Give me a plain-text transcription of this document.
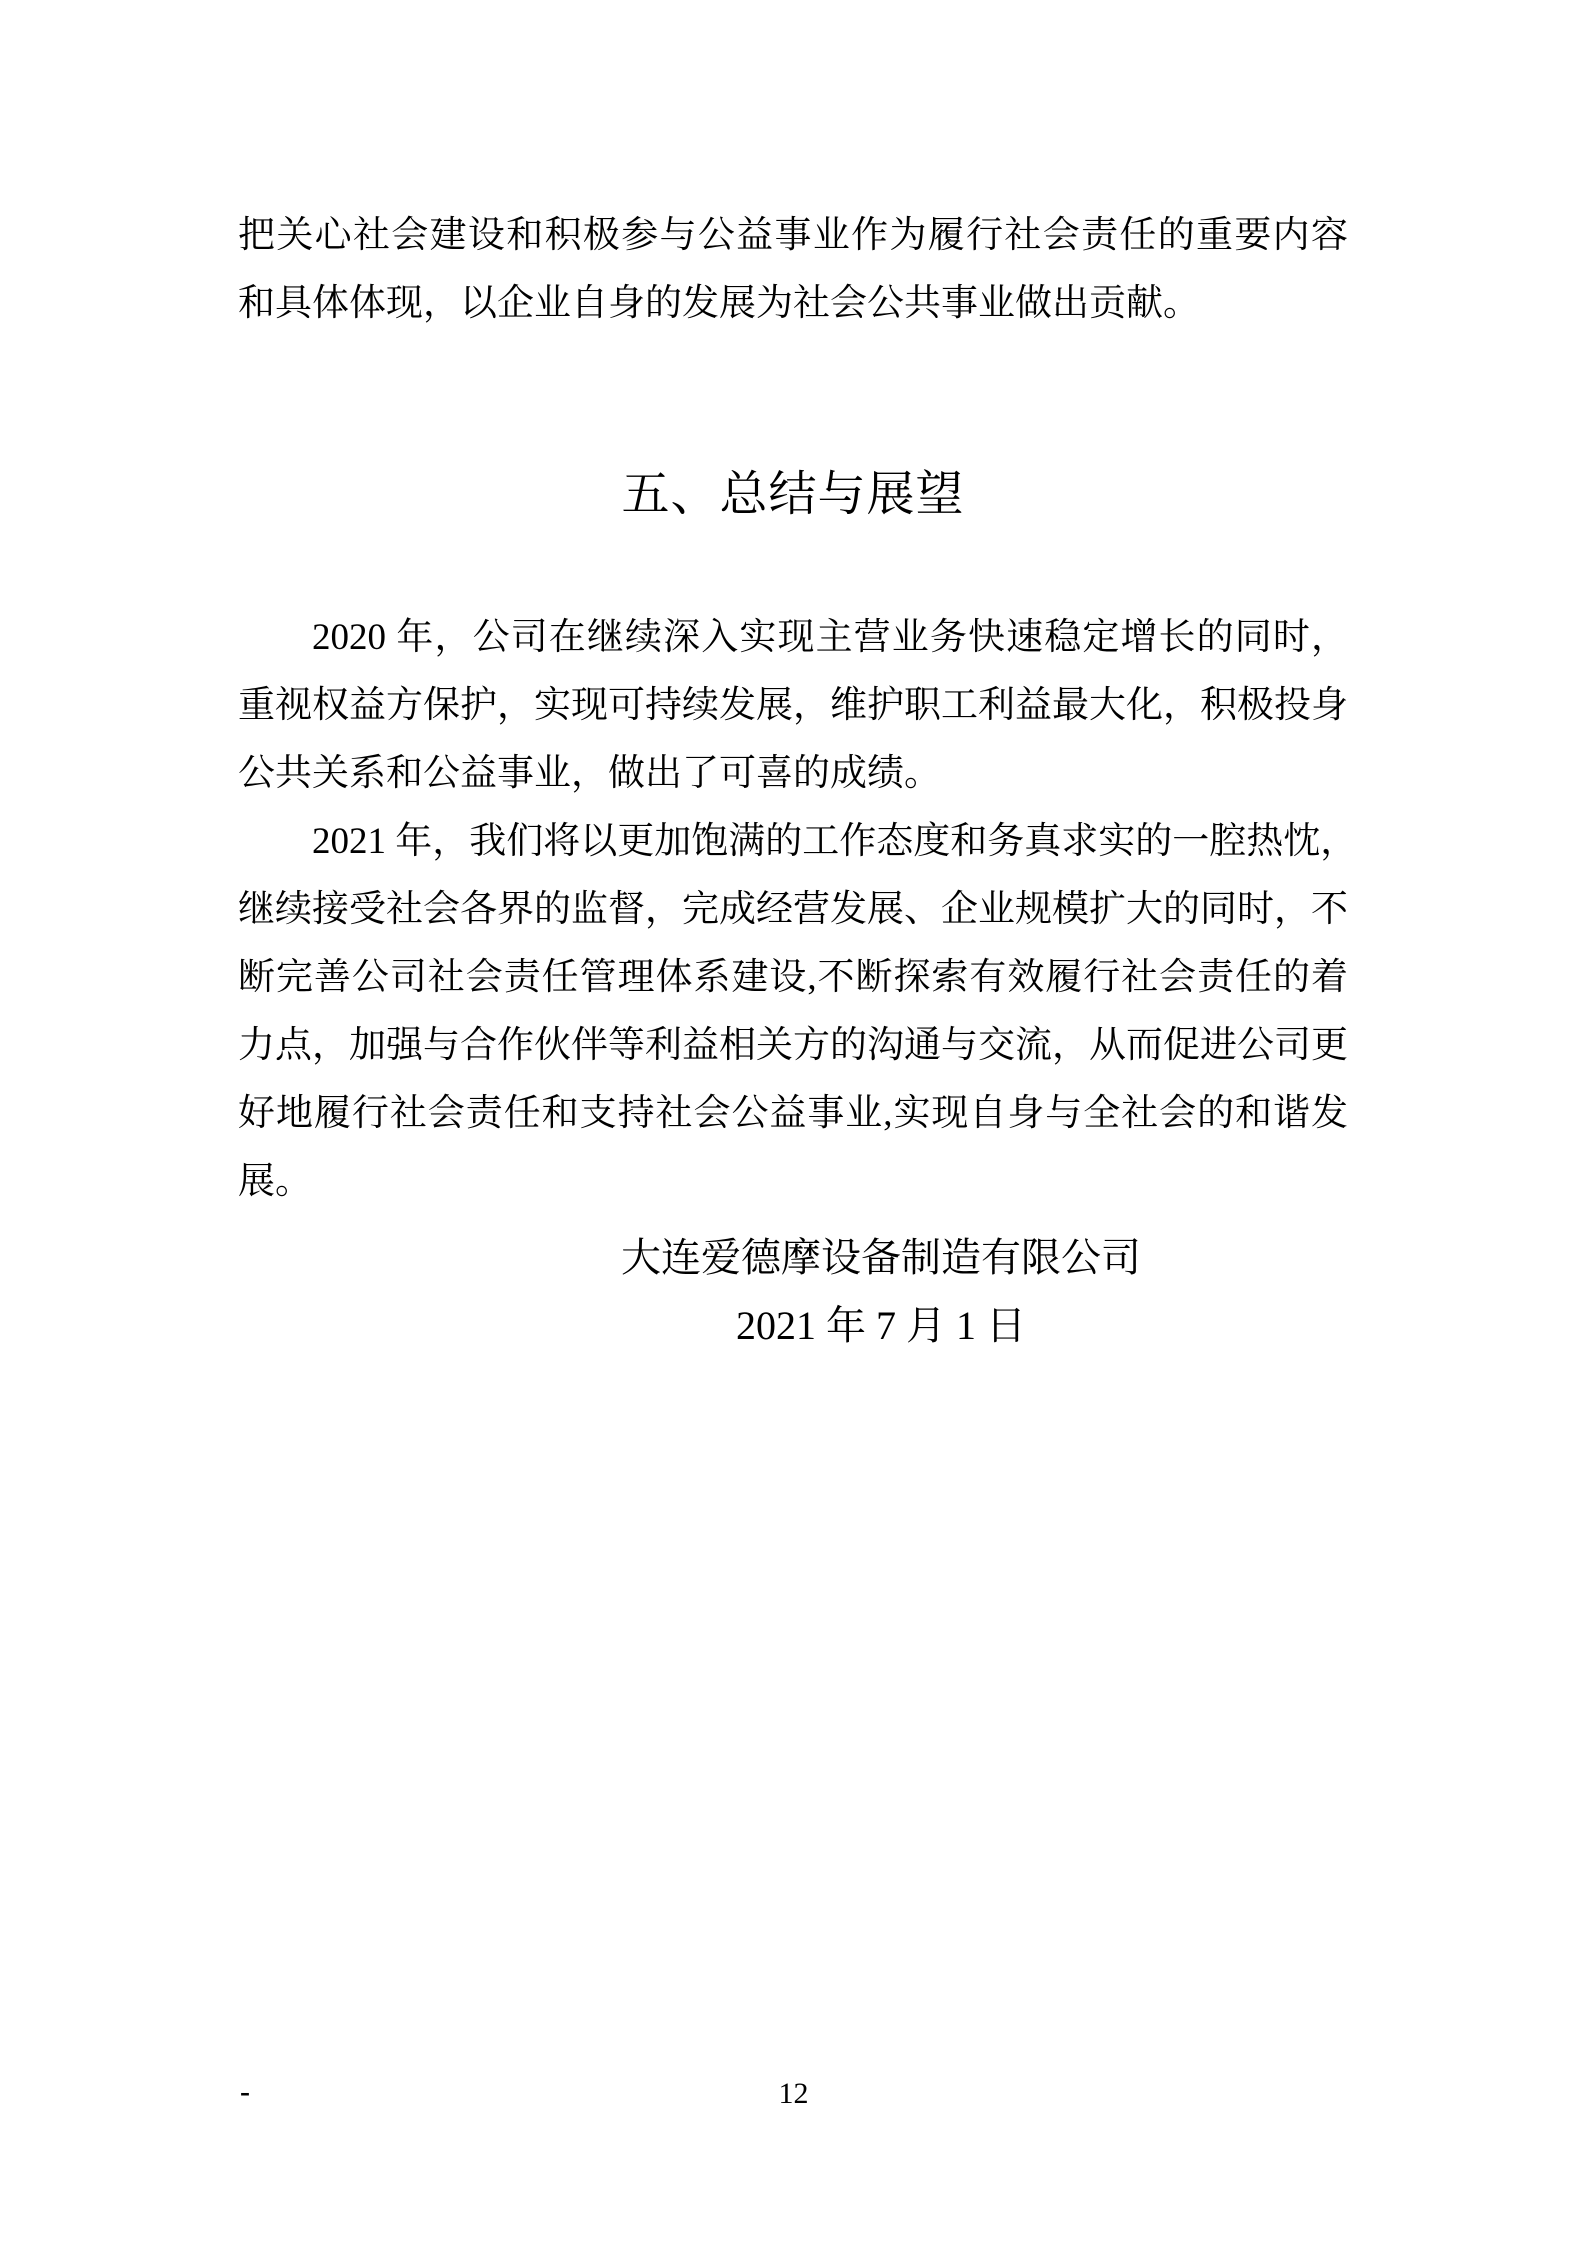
把关心社会建设和积极参与公益事业作为履行社会责任的重要内容
和具体体现，以企业自身的发展为社会公共事业做出贡献。
五、总结与展望
2020 年，公司在继续深入实现主营业务快速稳定增长的同时，
重视权益方保护，实现可持续发展，维护职工利益最大化，积极投身
公共关系和公益事业，做出了可喜的成绩。
2021 年，我们将以更加饱满的工作态度和务真求实的一腔热忱，
继续接受社会各界的监督，完成经营发展、企业规模扩大的同时，不
断完善公司社会责任管理体系建设,不断探索有效履行社会责任的着
力点，加强与合作伙伴等利益相关方的沟通与交流，从而促进公司更
好地履行社会责任和支持社会公益事业,实现自身与全社会的和谐发
展。
大连爱德摩设备制造有限公司
2021 年 7 月 1 日
-	12
